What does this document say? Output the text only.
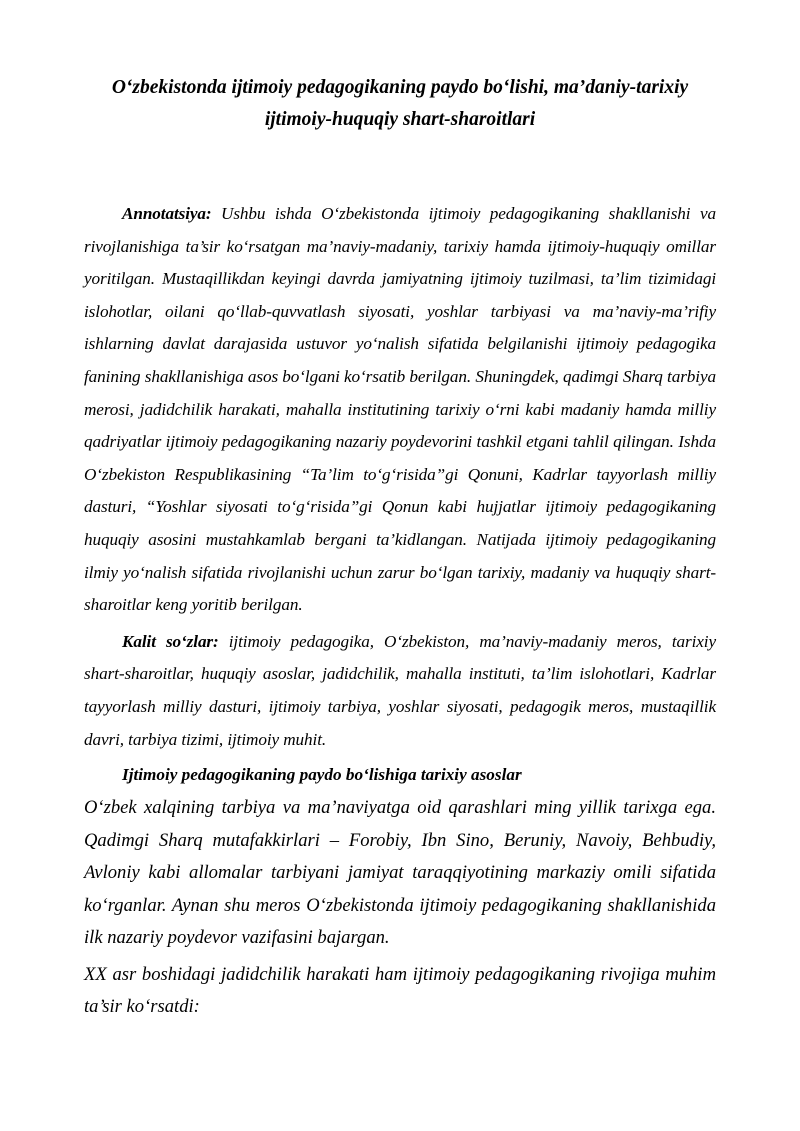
O‘zbekistonda ijtimoiy pedagogikaning paydo bo‘lishi, ma’daniy-tarixiy ijtimoiy-huquqiy shart-sharoitlari

Annotatsiya: Ushbu ishda O‘zbekistonda ijtimoiy pedagogikaning shakllanishi va rivojlanishiga ta’sir ko‘rsatgan ma’naviy-madaniy, tarixiy hamda ijtimoiy-huquqiy omillar yoritilgan. Mustaqillikdan keyingi davrda jamiyatning ijtimoiy tuzilmasi, ta’lim tizimidagi islohotlar, oilani qo‘llab-quvvatlash siyosati, yoshlar tarbiyasi va ma’naviy-ma’rifiy ishlarning davlat darajasida ustuvor yo‘nalish sifatida belgilanishi ijtimoiy pedagogika fanining shakllanishiga asos bo‘lgani ko‘rsatib berilgan. Shuningdek, qadimgi Sharq tarbiya merosi, jadidchilik harakati, mahalla institutining tarixiy o‘rni kabi madaniy hamda milliy qadriyatlar ijtimoiy pedagogikaning nazariy poydevorini tashkil etgani tahlil qilingan. Ishda O‘zbekiston Respublikasining “Ta’lim to‘g‘risida”gi Qonuni, Kadrlar tayyorlash milliy dasturi, “Yoshlar siyosati to‘g‘risida”gi Qonun kabi hujjatlar ijtimoiy pedagogikaning huquqiy asosini mustahkamlab bergani ta’kidlangan. Natijada ijtimoiy pedagogikaning ilmiy yo‘nalish sifatida rivojlanishi uchun zarur bo‘lgan tarixiy, madaniy va huquqiy shart-sharoitlar keng yoritib berilgan.

Kalit so‘zlar: ijtimoiy pedagogika, O‘zbekiston, ma’naviy-madaniy meros, tarixiy shart-sharoitlar, huquqiy asoslar, jadidchilik, mahalla instituti, ta’lim islohotlari, Kadrlar tayyorlash milliy dasturi, ijtimoiy tarbiya, yoshlar siyosati, pedagogik meros, mustaqillik davri, tarbiya tizimi, ijtimoiy muhit.

Ijtimoiy pedagogikaning paydo bo‘lishiga tarixiy asoslar

O‘zbek xalqining tarbiya va ma’naviyatga oid qarashlari ming yillik tarixga ega. Qadimgi Sharq mutafakkirlari – Forobiy, Ibn Sino, Beruniy, Navoiy, Behbudiy, Avloniy kabi allomalar tarbiyani jamiyat taraqqiyotining markaziy omili sifatida ko‘rganlar. Aynan shu meros O‘zbekistonda ijtimoiy pedagogikaning shakllanishida ilk nazariy poydevor vazifasini bajargan.

XX asr boshidagi jadidchilik harakati ham ijtimoiy pedagogikaning rivojiga muhim ta’sir ko‘rsatdi:
